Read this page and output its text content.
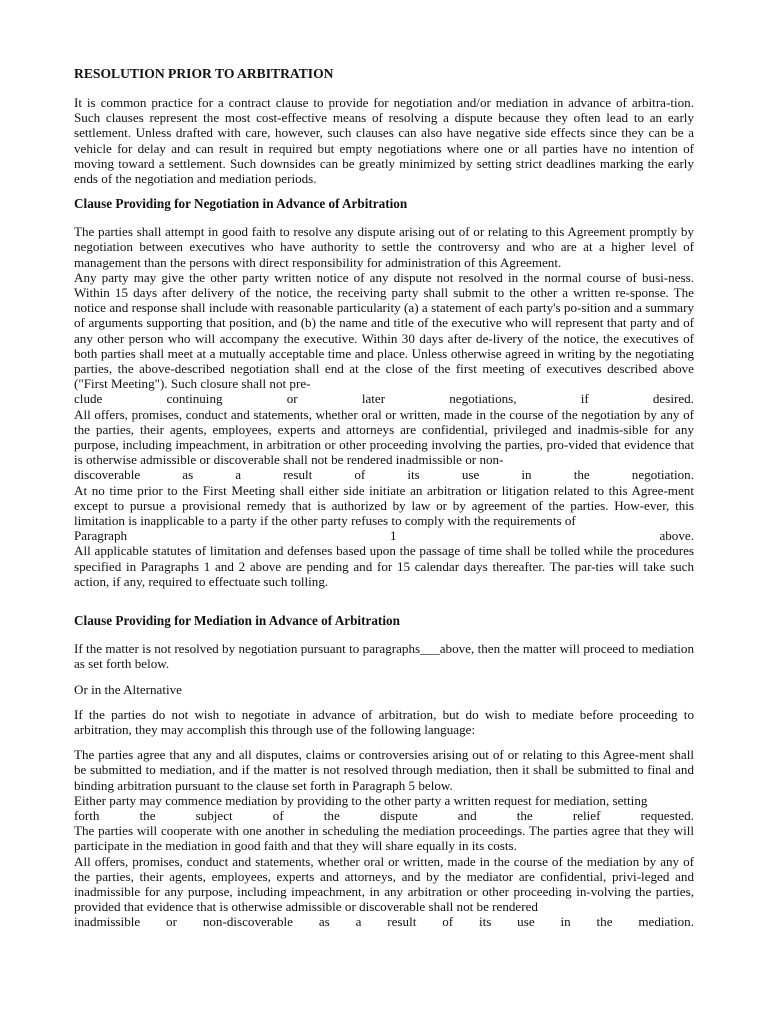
RESOLUTION PRIOR TO ARBITRATION

It is common practice for a contract clause to provide for negotiation and/or mediation in advance of arbitra-tion. Such clauses represent the most cost-effective means of resolving a dispute because they often lead to an early settlement. Unless drafted with care, however, such clauses can also have negative side effects since they can be a vehicle for delay and can result in required but empty negotiations where one or all parties have no intention of moving toward a settlement. Such downsides can be greatly minimized by setting strict deadlines marking the early ends of the negotiation and mediation periods.

Clause Providing for Negotiation in Advance of Arbitration

The parties shall attempt in good faith to resolve any dispute arising out of or relating to this Agreement promptly by negotiation between executives who have authority to settle the controversy and who are at a higher level of management than the persons with direct responsibility for administration of this Agreement.

Any party may give the other party written notice of any dispute not resolved in the normal course of busi-ness. Within 15 days after delivery of the notice, the receiving party shall submit to the other a written re-sponse. The notice and response shall include with reasonable particularity (a) a statement of each party's po-sition and a summary of arguments supporting that position, and (b) the name and title of the executive who will represent that party and of any other person who will accompany the executive. Within 30 days after de-livery of the notice, the executives of both parties shall meet at a mutually acceptable time and place. Unless otherwise agreed in writing by the negotiating parties, the above-described negotiation shall end at the close of the first meeting of executives described above ("First Meeting"). Such closure shall not pre-

clude	continuing	or	later	negotiations,	if	desired.

All offers, promises, conduct and statements, whether oral or written, made in the course of the negotiation by any of the parties, their agents, employees, experts and attorneys are confidential, privileged and inadmis-sible for any purpose, including impeachment, in arbitration or other proceeding involving the parties, pro-vided that evidence that is otherwise admissible or discoverable shall not be rendered inadmissible or non-

discoverable	as	a	result	of	its	use	in	the	negotiation.

At no time prior to the First Meeting shall either side initiate an arbitration or litigation related to this Agree-ment except to pursue a provisional remedy that is authorized by law or by agreement of the parties. How-ever, this limitation is inapplicable to a party if the other party refuses to comply with the requirements of

Paragraph	1	above.

All applicable statutes of limitation and defenses based upon the passage of time shall be tolled while the procedures specified in Paragraphs 1 and 2 above are pending and for 15 calendar days thereafter. The par-ties will take such action, if any, required to effectuate such tolling.

Clause Providing for Mediation in Advance of Arbitration

If the matter is not resolved by negotiation pursuant to paragraphs___above, then the matter will proceed to mediation as set forth below.

Or in the Alternative

If the parties do not wish to negotiate in advance of arbitration, but do wish to mediate before proceeding to arbitration, they may accomplish this through use of the following language:

The parties agree that any and all disputes, claims or controversies arising out of or relating to this Agree-ment shall be submitted to mediation, and if the matter is not resolved through mediation, then it shall be submitted to final and binding arbitration pursuant to the clause set forth in Paragraph 5 below.

Either party may commence mediation by providing to the other party a written request for mediation, setting

forth	the	subject	of	the	dispute	and	the	relief	requested.

The parties will cooperate with one another in scheduling the mediation proceedings. The parties agree that they will participate in the mediation in good faith and that they will share equally in its costs.

All offers, promises, conduct and statements, whether oral or written, made in the course of the mediation by any of the parties, their agents, employees, experts and attorneys, and by the mediator are confidential, privi-leged and inadmissible for any purpose, including impeachment, in any arbitration or other proceeding in-volving the parties, provided that evidence that is otherwise admissible or discoverable shall not be rendered

inadmissible or non-discoverable as a result of its use in the mediation.
